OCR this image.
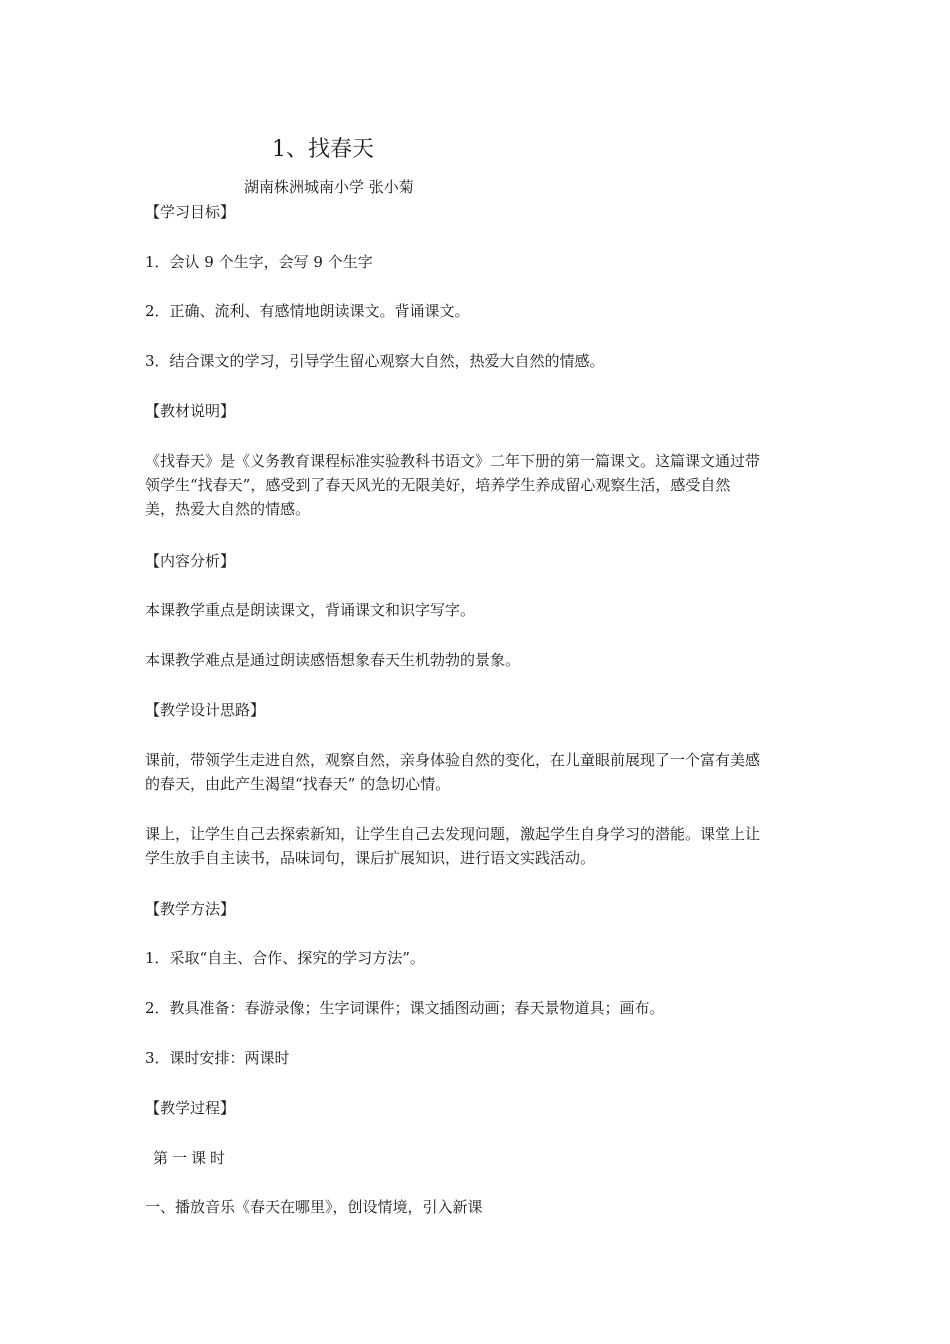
1、找春天
湖南株洲城南小学 张小菊
【学习目标】
1．会认 9 个生字，会写 9 个生字
2．正确、流利、有感情地朗读课文。背诵课文。
3．结合课文的学习，引导学生留心观察大自然，热爱大自然的情感。
【教材说明】
《找春天》是《义务教育课程标准实验教科书语文》二年下册的第一篇课文。这篇课文通过带
领学生“找春天”，感受到了春天风光的无限美好，培养学生养成留心观察生活，感受自然
美，热爱大自然的情感。
【内容分析】
本课教学重点是朗读课文，背诵课文和识字写字。
本课教学难点是通过朗读感悟想象春天生机勃勃的景象。
【教学设计思路】
课前，带领学生走进自然，观察自然，亲身体验自然的变化，在儿童眼前展现了一个富有美感
的春天，由此产生渴望“找春天” 的急切心情。
课上，让学生自己去探索新知，让学生自己去发现问题，激起学生自身学习的潜能。课堂上让
学生放手自主读书，品味词句，课后扩展知识，进行语文实践活动。
【教学方法】
1．采取“自主、合作、探究的学习方法”。
2．教具准备：春游录像；生字词课件；课文插图动画；春天景物道具；画布。
3．课时安排：两课时
【教学过程】
第一课时
一、播放音乐《春天在哪里》，创设情境，引入新课
